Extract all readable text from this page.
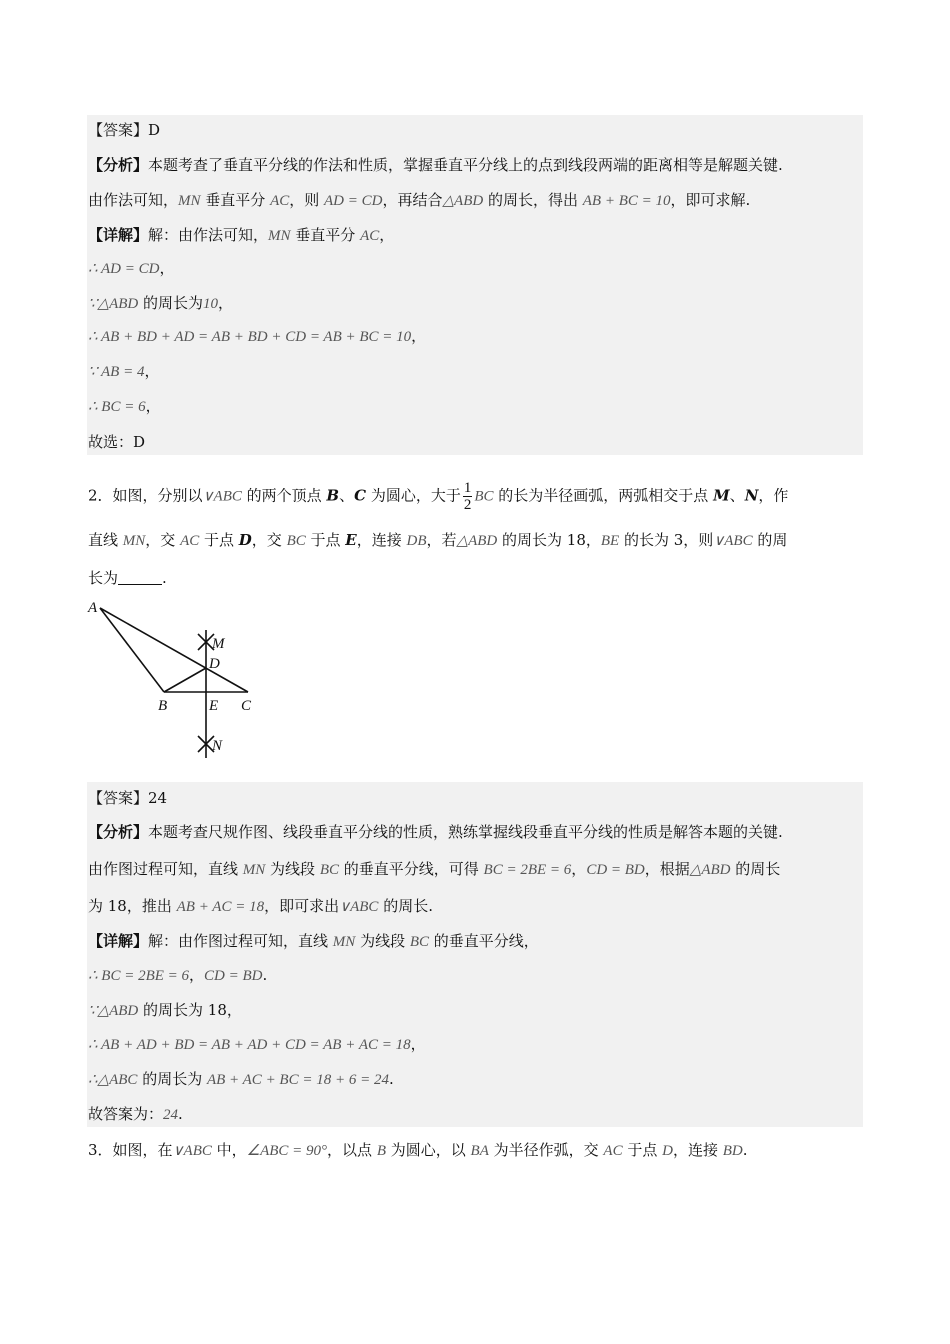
【答案】D
【分析】本题考查了垂直平分线的作法和性质，掌握垂直平分线上的点到线段两端的距离相等是解题关键.
由作法可知，MN 垂直平分 AC，则 AD = CD，再结合△ABD 的周长，得出 AB + BC = 10，即可求解.
【详解】解：由作法可知，MN 垂直平分 AC，
∴ AD = CD，
∵△ABD 的周长为10，
∴ AB + BD + AD = AB + BD + CD = AB + BC = 10，
∵ AB = 4，
∴ BC = 6，
故选：D
2．如图，分别以∨ABC 的两个顶点 B、C 为圆心，大于 $\frac{1}{2}$ BC 的长为半径画弧，两弧相交于点 M、N，作
直线 MN，交 AC 于点 D，交 BC 于点 E，连接 DB，若△ABD 的周长为 18，BE 的长为 3，则∨ABC 的周
长为	.
A
M
D
B	E C
N
【答案】24
【分析】本题考查尺规作图、线段垂直平分线的性质，熟练掌握线段垂直平分线的性质是解答本题的关键.
由作图过程可知，直线 MN 为线段 BC 的垂直平分线，可得 BC = 2BE = 6，CD = BD，根据△ABD 的周长
为 18，推出 AB + AC = 18，即可求出∨ABC 的周长.
【详解】解：由作图过程可知，直线 MN 为线段 BC 的垂直平分线，
∴ BC = 2BE = 6，CD = BD.
∵△ABD 的周长为 18，
∴ AB + AD + BD = AB + AD + CD = AB + AC = 18，
∴△ABC 的周长为 AB + AC + BC = 18 + 6 = 24.
故答案为：24.
3．如图，在∨ABC 中，∠ABC = 90°，以点 B 为圆心，以 BA 为半径作弧，交 AC 于点 D，连接 BD.
